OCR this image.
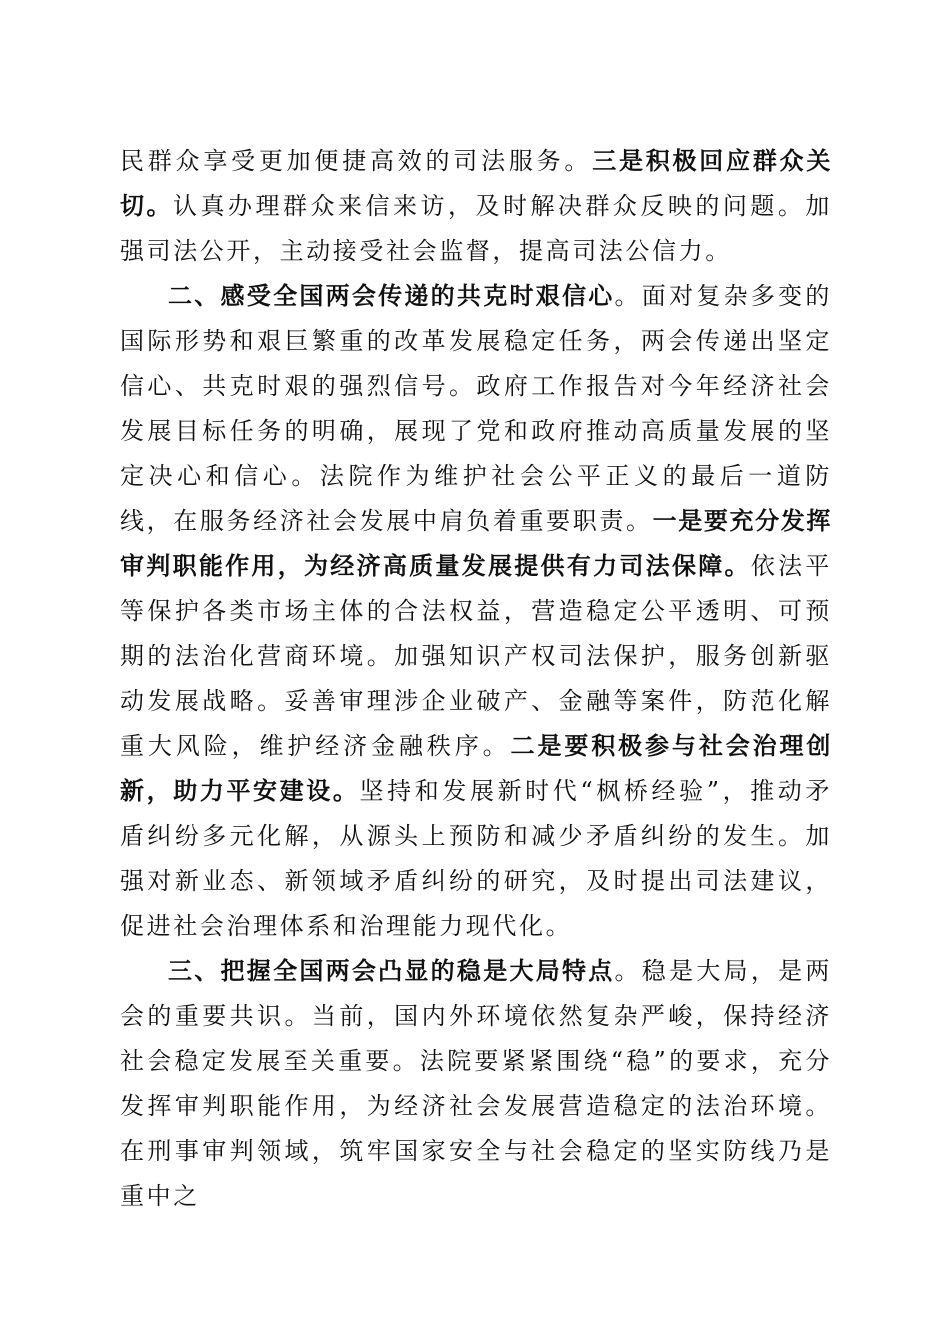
民群众享受更加便捷高效的司法服务。三是积极回应群众关切。认真办理群众来信来访，及时解决群众反映的问题。加强司法公开，主动接受社会监督，提高司法公信力。

二、感受全国两会传递的共克时艰信心。面对复杂多变的国际形势和艰巨繁重的改革发展稳定任务，两会传递出坚定信心、共克时艰的强烈信号。政府工作报告对今年经济社会发展目标任务的明确，展现了党和政府推动高质量发展的坚定决心和信心。法院作为维护社会公平正义的最后一道防线，在服务经济社会发展中肩负着重要职责。一是要充分发挥审判职能作用，为经济高质量发展提供有力司法保障。依法平等保护各类市场主体的合法权益，营造稳定公平透明、可预期的法治化营商环境。加强知识产权司法保护，服务创新驱动发展战略。妥善审理涉企业破产、金融等案件，防范化解重大风险，维护经济金融秩序。二是要积极参与社会治理创新，助力平安建设。坚持和发展新时代“枫桥经验”，推动矛盾纠纷多元化解，从源头上预防和减少矛盾纠纷的发生。加强对新业态、新领域矛盾纠纷的研究，及时提出司法建议，促进社会治理体系和治理能力现代化。

三、把握全国两会凸显的稳是大局特点。稳是大局，是两会的重要共识。当前，国内外环境依然复杂严峻，保持经济社会稳定发展至关重要。法院要紧紧围绕“稳”的要求，充分发挥审判职能作用，为经济社会发展营造稳定的法治环境。在刑事审判领域，筑牢国家安全与社会稳定的坚实防线乃是重中之
